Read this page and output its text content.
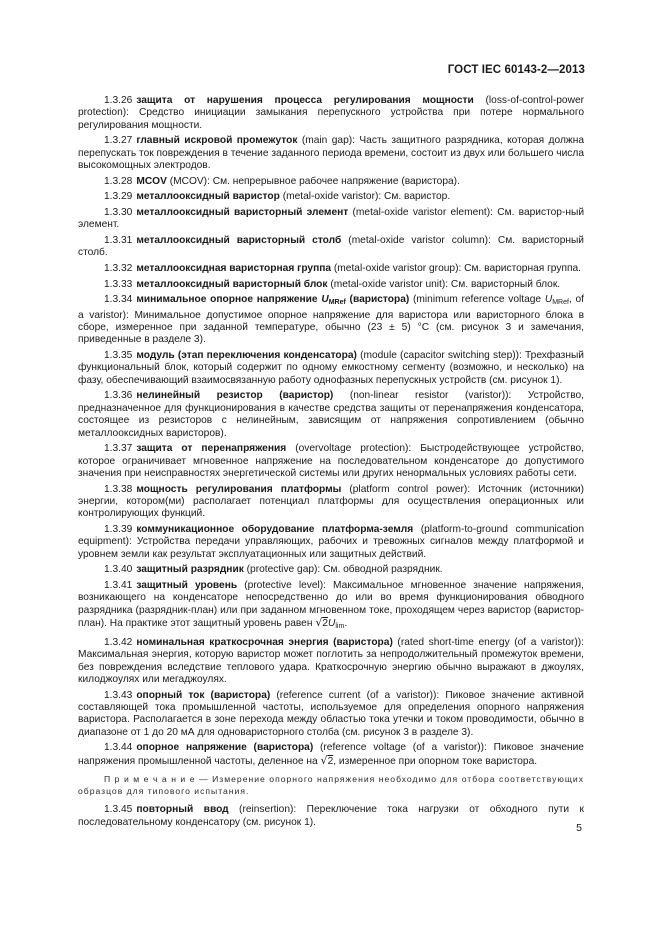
ГОСТ IEC 60143-2—2013

1.3.26 защита от нарушения процесса регулирования мощности (loss-of-control-power protection): Средство инициации замыкания перепускного устройства при потере нормального регулирования мощности.

1.3.27 главный искровой промежуток (main gap): Часть защитного разрядника, которая должна перепускать ток повреждения в течение заданного периода времени, состоит из двух или большего числа высокомощных электродов.

1.3.28 MCOV (MCOV): См. непрерывное рабочее напряжение (варистора).

1.3.29 металлооксидный варистор (metal-oxide varistor): См. варистор.

1.3.30 металлооксидный варисторный элемент (metal-oxide varistor element): См. варистор-ный элемент.

1.3.31 металлооксидный варисторный столб (metal-oxide varistor column): См. варисторный столб.

1.3.32 металлооксидная варисторная группа (metal-oxide varistor group): См. варисторная группа.

1.3.33 металлооксидный варисторный блок (metal-oxide varistor unit): См. варисторный блок.

1.3.34 минимальное опорное напряжение $U_{MRef}$ (варистора) (minimum reference voltage $U_{MRef}$, of a varistor): Минимальное допустимое опорное напряжение для варистора или варисторного блока в сборе, измеренное при заданной температуре, обычно (23 ± 5) °C (см. рисунок 3 и замечания, приведенные в разделе 3).

1.3.35 модуль (этап переключения конденсатора) (module (capacitor switching step)): Трехфазный функциональный блок, который содержит по одному емкостному сегменту (возможно, и несколько) на фазу, обеспечивающий взаимосвязанную работу однофазных перепускных устройств (см. рисунок 1).

1.3.36 нелинейный резистор (варистор) (non-linear resistor (varistor)): Устройство, предназначенное для функционирования в качестве средства защиты от перенапряжения конденсатора, состоящее из резисторов с нелинейным, зависящим от напряжения сопротивлением (обычно металлооксидных варисторов).

1.3.37 защита от перенапряжения (overvoltage protection): Быстродействующее устройство, которое ограничивает мгновенное напряжение на последовательном конденсаторе до допустимого значения при неисправностях энергетической системы или других ненормальных условиях работы сети.

1.3.38 мощность регулирования платформы (platform control power): Источник (источники) энергии, котором(ми) располагает потенциал платформы для осуществления операционных или контролирующих функций.

1.3.39 коммуникационное оборудование платформа-земля (platform-to-ground communication equipment): Устройства передачи управляющих, рабочих и тревожных сигналов между платформой и уровнем земли как результат эксплуатационных или защитных действий.

1.3.40 защитный разрядник (protective gap): См. обводной разрядник.

1.3.41 защитный уровень (protective level): Максимальное мгновенное значение напряжения, возникающего на конденсаторе непосредственно до или во время функционирования обводного разрядника (разрядник-план) или при заданном мгновенном токе, проходящем через варистор (варистор-план). На практике этот защитный уровень равен $√2U_{lim}$.

1.3.42 номинальная краткосрочная энергия (варистора) (rated short-time energy (of a varistor)): Максимальная энергия, которую варистор может поглотить за непродолжительный промежуток времени, без повреждения вследствие теплового удара. Краткосрочную энергию обычно выражают в джоулях, килоджоулях или мегаджоулях.

1.3.43 опорный ток (варистора) (reference current (of a varistor)): Пиковое значение активной составляющей тока промышленной частоты, используемое для определения опорного напряжения варистора. Располагается в зоне перехода между областью тока утечки и током проводимости, обычно в диапазоне от 1 до 20 мА для одноваристорного столба (см. рисунок 3 в разделе 3).

1.3.44 опорное напряжение (варистора) (reference voltage (of a varistor)): Пиковое значение напряжения промышленной частоты, деленное на √2, измеренное при опорном токе варистора.

П р и м е ч а н и е — Измерение опорного напряжения необходимо для отбора соответствующих образцов для типового испытания.

1.3.45 повторный ввод (reinsertion): Переключение тока нагрузки от обходного пути к последовательному конденсатору (см. рисунок 1).	5
